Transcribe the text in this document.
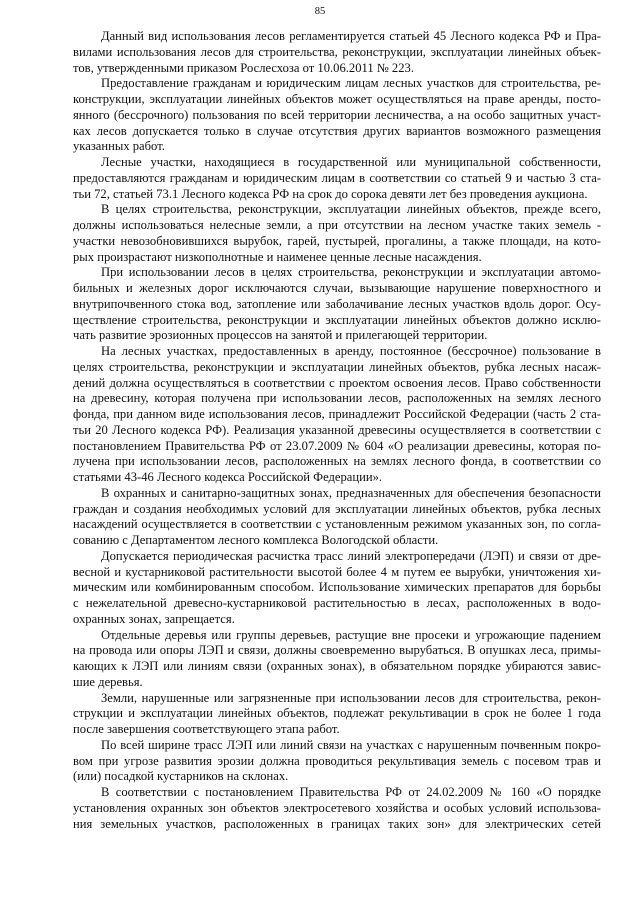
85
Данный вид использования лесов регламентируется статьей 45 Лесного кодекса РФ и Пра-
вилами использования лесов для строительства, реконструкции, эксплуатации линейных объек-
тов, утвержденными приказом Рослесхоза от 10.06.2011 № 223.
Предоставление гражданам и юридическим лицам лесных участков для строительства, ре-
конструкции, эксплуатации линейных объектов может осуществляться на праве аренды, посто-
янного (бессрочного) пользования по всей территории лесничества, а на особо защитных участ-
ках лесов допускается только в случае отсутствия других вариантов возможного размещения
указанных работ.
Лесные участки, находящиеся в государственной или муниципальной собственности,
предоставляются гражданам и юридическим лицам в соответствии со статьей 9 и частью 3 ста-
тьи 72, статьей 73.1 Лесного кодекса РФ на срок до сорока девяти лет без проведения аукциона.
В целях строительства, реконструкции, эксплуатации линейных объектов, прежде всего,
должны использоваться нелесные земли, а при отсутствии на лесном участке таких земель -
участки невозобновившихся вырубок, гарей, пустырей, прогалины, а также площади, на кото-
рых произрастают низкополнотные и наименее ценные лесные насаждения.
При использовании лесов в целях строительства, реконструкции и эксплуатации автомо-
бильных и железных дорог исключаются случаи, вызывающие нарушение поверхностного и
внутрипочвенного стока вод, затопление или заболачивание лесных участков вдоль дорог. Осу-
ществление строительства, реконструкции и эксплуатации линейных объектов должно исклю-
чать развитие эрозионных процессов на занятой и прилегающей территории.
На лесных участках, предоставленных в аренду, постоянное (бессрочное) пользование в
целях строительства, реконструкции и эксплуатации линейных объектов, рубка лесных насаж-
дений должна осуществляться в соответствии с проектом освоения лесов. Право собственности
на древесину, которая получена при использовании лесов, расположенных на землях лесного
фонда, при данном виде использования лесов, принадлежит Российской Федерации (часть 2 ста-
тьи 20 Лесного кодекса РФ). Реализация указанной древесины осуществляется в соответствии с
постановлением Правительства РФ от 23.07.2009 № 604 «О реализации древесины, которая по-
лучена при использовании лесов, расположенных на землях лесного фонда, в соответствии со
статьями 43-46 Лесного кодекса Российской Федерации».
В охранных и санитарно-защитных зонах, предназначенных для обеспечения безопасности
граждан и создания необходимых условий для эксплуатации линейных объектов, рубка лесных
насаждений осуществляется в соответствии с установленным режимом указанных зон, по согла-
сованию с Департаментом лесного комплекса Вологодской области.
Допускается периодическая расчистка трасс линий электропередачи (ЛЭП) и связи от дре-
весной и кустарниковой растительности высотой более 4 м путем ее вырубки, уничтожения хи-
мическим или комбинированным способом. Использование химических препаратов для борьбы
с нежелательной древесно-кустарниковой растительностью в лесах, расположенных в водо-
охранных зонах, запрещается.
Отдельные деревья или группы деревьев, растущие вне просеки и угрожающие падением
на провода или опоры ЛЭП и связи, должны своевременно вырубаться. В опушках леса, примы-
кающих к ЛЭП или линиям связи (охранных зонах), в обязательном порядке убираются завис-
шие деревья.
Земли, нарушенные или загрязненные при использовании лесов для строительства, рекон-
струкции и эксплуатации линейных объектов, подлежат рекультивации в срок не более 1 года
после завершения соответствующего этапа работ.
По всей ширине трасс ЛЭП или линий связи на участках с нарушенным почвенным покро-
вом при угрозе развития эрозии должна проводиться рекультивация земель с посевом трав и
(или) посадкой кустарников на склонах.
В соответствии с постановлением Правительства РФ от 24.02.2009 № 160 «О порядке
установления охранных зон объектов электросетевого хозяйства и особых условий использова-
ния земельных участков, расположенных в границах таких зон» для электрических сетей
